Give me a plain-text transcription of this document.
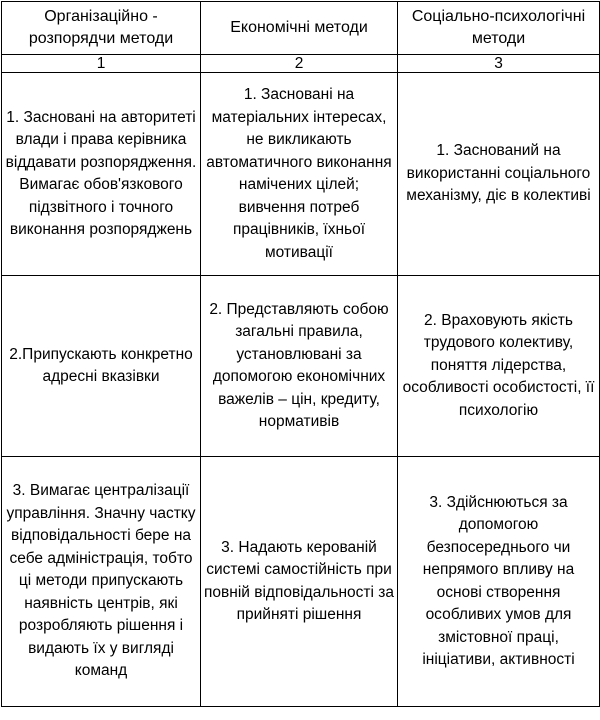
Організаційно - розпорядчи методи	Економічні методи	Соціально-психологічні методи
1	2	3
1. Засновані на авторитеті влади і права керівника віддавати розпорядження. Вимагає обов'язкового підзвітного і точного виконання розпоряджень	1. Засновані на матеріальних інтересах, не викликають автоматичного виконання намічених цілей; вивчення потреб працівників, їхньої мотивації	1. Заснований на використанні соціального механізму, діє в колективі
2.Припускають конкретно адресні вказівки	2. Представляють собою загальні правила, установлювані за допомогою економічних важелів – цін, кредиту, нормативів	2. Враховують якість трудового колективу, поняття лідерства, особливості особистості, її психологію
3. Вимагає централізації управління. Значну частку відповідальності бере на себе адміністрація, тобто ці методи припускають наявність центрів, які розробляють рішення і видають їх у вигляді команд	3. Надають керованій системі самостійність при повній відповідальності за прийняті рішення	3. Здійснюються за допомогою безпосереднього чи непрямого впливу на основі створення особливих умов для змістовної праці, ініціативи, активності
